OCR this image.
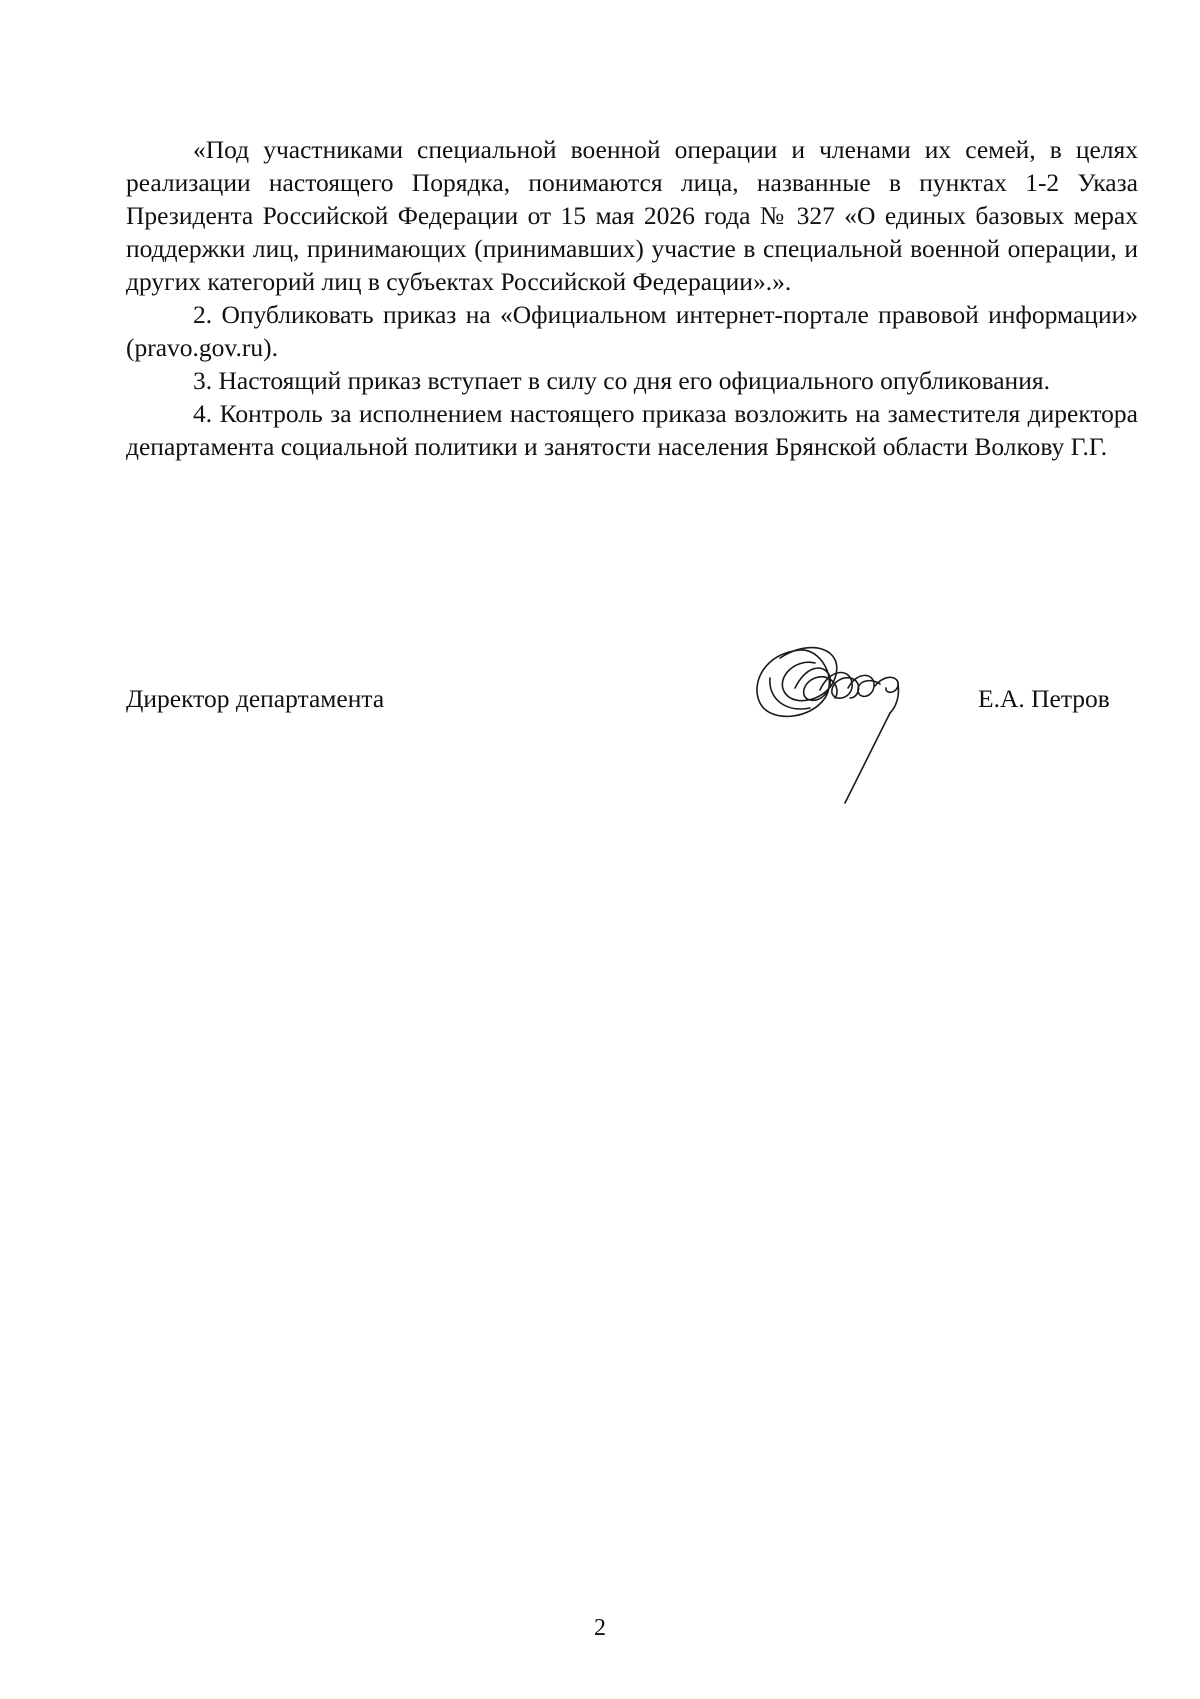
«Под участниками специальной военной операции и членами их семей, в целях реализации настоящего Порядка, понимаются лица, названные в пунктах 1-2 Указа Президента Российской Федерации от 15 мая 2026 года № 327 «О единых базовых мерах поддержки лиц, принимающих (принимавших) участие в специальной военной операции, и других категорий лиц в субъектах Российской Федерации».».

2. Опубликовать приказ на «Официальном интернет-портале правовой информации» (pravo.gov.ru).

3. Настоящий приказ вступает в силу со дня его официального опубликования.

4. Контроль за исполнением настоящего приказа возложить на заместителя директора департамента социальной политики и занятости населения Брянской области Волкову Г.Г.

Директор департамента	Е.А. Петров
2
